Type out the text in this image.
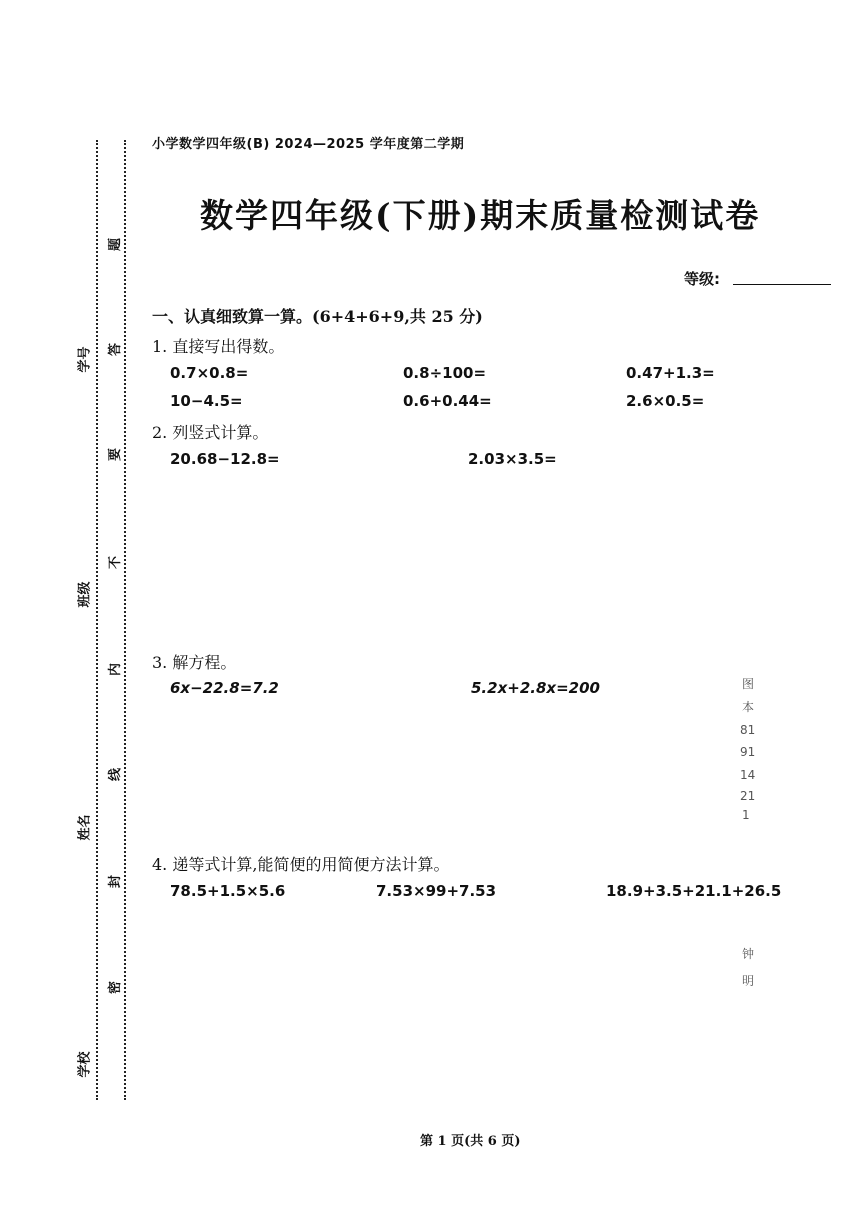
学号
班级
姓名
学校
题
答
要
不
内
线
封
密
小学数学四年级(B) 2024—2025 学年度第二学期
数学四年级(下册)期末质量检测试卷
等级:
一、认真细致算一算。(6+4+6+9,共 25 分)
1. 直接写出得数。
0.7×0.8=	0.8÷100=	0.47+1.3=
10−4.5=	0.6+0.44=	2.6×0.5=
2. 列竖式计算。
20.68−12.8=	2.03×3.5=
3. 解方程。
6x−22.8=7.2	5.2x+2.8x=200
4. 递等式计算,能简便的用简便方法计算。
78.5+1.5×5.6	7.53×99+7.53	18.9+3.5+21.1+26.5
图
本
81
91
14
21
1
钟
明
第 1 页(共 6 页)
